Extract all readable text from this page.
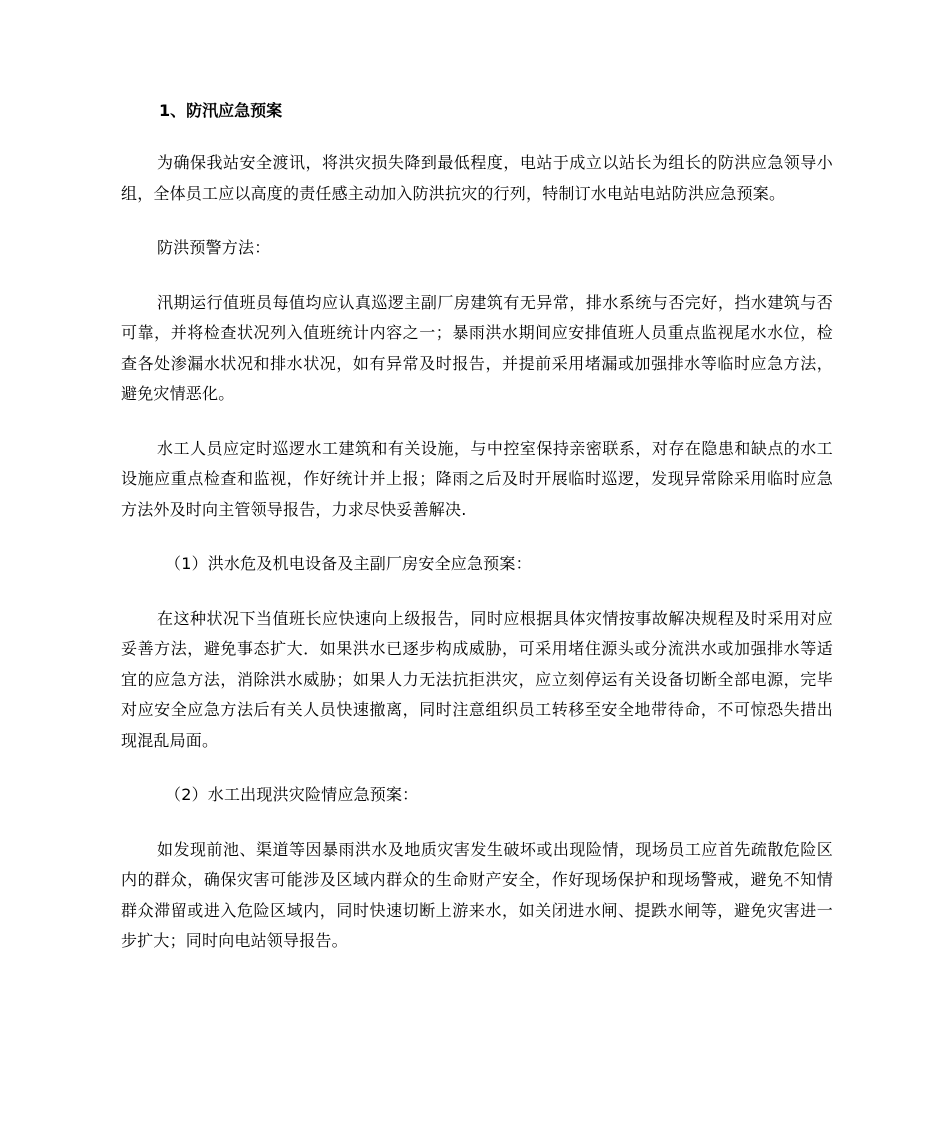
1、防汛应急预案

为确保我站安全渡讯，将洪灾损失降到最低程度，电站于成立以站长为组长的防洪应急领导小组，全体员工应以高度的责任感主动加入防洪抗灾的行列，特制订水电站电站防洪应急预案。

防洪预警方法：

汛期运行值班员每值均应认真巡逻主副厂房建筑有无异常，排水系统与否完好，挡水建筑与否可靠，并将检查状况列入值班统计内容之一；暴雨洪水期间应安排值班人员重点监视尾水水位，检查各处渗漏水状况和排水状况，如有异常及时报告，并提前采用堵漏或加强排水等临时应急方法，避免灾情恶化。

水工人员应定时巡逻水工建筑和有关设施，与中控室保持亲密联系，对存在隐患和缺点的水工设施应重点检查和监视，作好统计并上报；降雨之后及时开展临时巡逻，发现异常除采用临时应急方法外及时向主管领导报告，力求尽快妥善解决.

（1）洪水危及机电设备及主副厂房安全应急预案：

在这种状况下当值班长应快速向上级报告，同时应根据具体灾情按事故解决规程及时采用对应妥善方法，避免事态扩大．如果洪水已逐步构成威胁，可采用堵住源头或分流洪水或加强排水等适宜的应急方法，消除洪水威胁；如果人力无法抗拒洪灾，应立刻停运有关设备切断全部电源，完毕对应安全应急方法后有关人员快速撤离，同时注意组织员工转移至安全地带待命，不可惊恐失措出现混乱局面。

（2）水工出现洪灾险情应急预案：

如发现前池、渠道等因暴雨洪水及地质灾害发生破坏或出现险情，现场员工应首先疏散危险区内的群众，确保灾害可能涉及区域内群众的生命财产安全，作好现场保护和现场警戒，避免不知情群众滞留或进入危险区域内，同时快速切断上游来水，如关闭进水闸、提跌水闸等，避免灾害进一步扩大；同时向电站领导报告。
